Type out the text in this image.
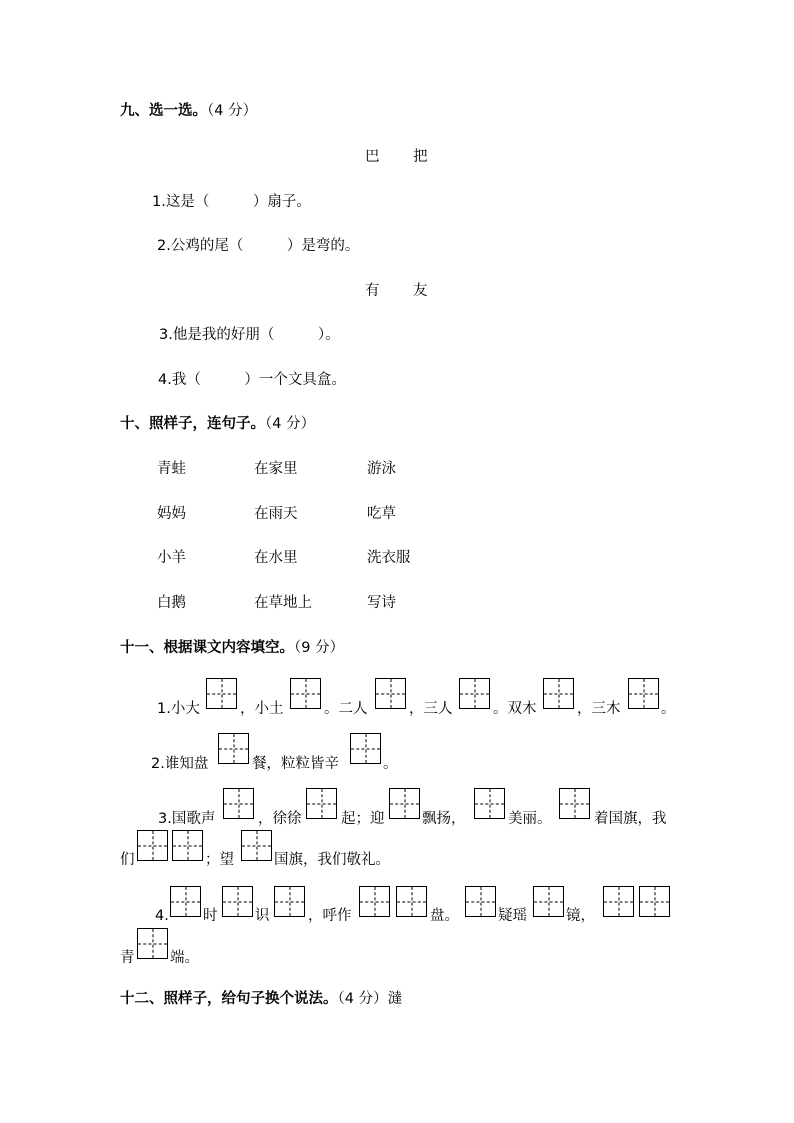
九、选一选。（4 分）
巴 把
1.这是（　　　）扇子。
2.公鸡的尾（　　　）是弯的。
有 友
3.他是我的好朋（　　　）。
4.我（　　　）一个文具盒。
十、照样子，连句子。（4 分）
青蛙	在家里	游泳
妈妈	在雨天	吃草
小羊	在水里	洗衣服
白鹅	在草地上	写诗
十一、根据课文内容填空。（9 分）
1.小大	，小土	。二人	，三人	。双木	，三木	。
2.谁知盘	餐，粒粒皆辛	。
3.国歌声	，徐徐	起；迎	飘扬，	美丽。	着国旗，我
们	；望	国旗，我们敬礼。
4. 时	识	，呼作	盘。	疑瑶	镜，
青 端。
十二、照样子，给句子换个说法。（4 分）澾
